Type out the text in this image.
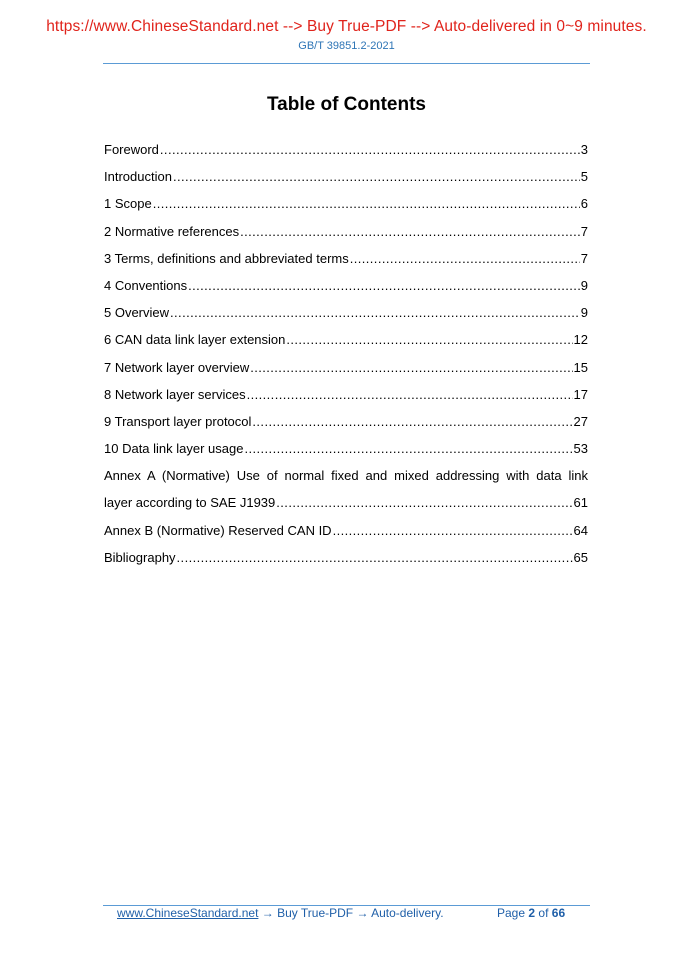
https://www.ChineseStandard.net --> Buy True-PDF --> Auto-delivered in 0~9 minutes.
GB/T 39851.2-2021
Table of Contents
Foreword .....	3
Introduction .....	5
1 Scope .....	6
2 Normative references .....	7
3 Terms, definitions and abbreviated terms .....	7
4 Conventions .....	9
5 Overview .....	9
6 CAN data link layer extension .....	12
7 Network layer overview .....	15
8 Network layer services .....	17
9 Transport layer protocol .....	27
10 Data link layer usage .....	53
Annex A (Normative) Use of normal fixed and mixed addressing with data link
layer according to SAE J1939 .....	61
Annex B (Normative) Reserved CAN ID .....	64
Bibliography .....	65
www.ChineseStandard.net → Buy True-PDF → Auto-delivery.	Page 2 of 66
